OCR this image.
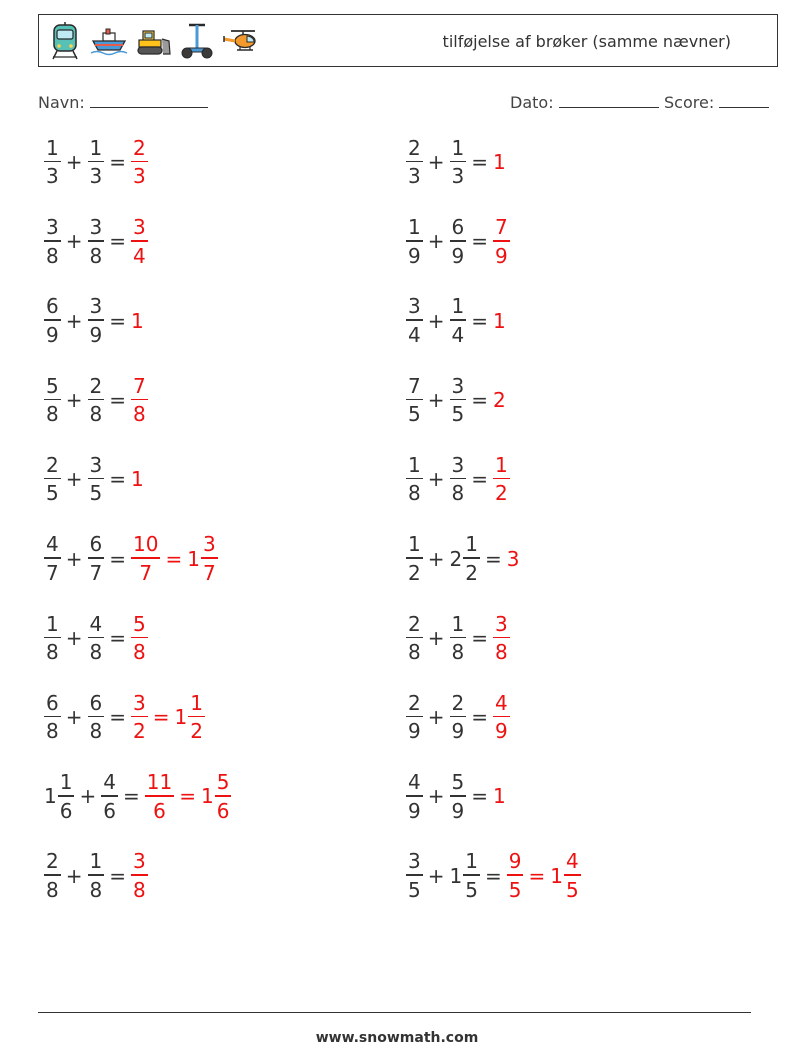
tilføjelse af brøker (samme nævner)
Navn:	Dato:	Score:
$\frac{1}{3} + \frac{1}{3} = \frac{2}{3}$	$\frac{2}{3} + \frac{1}{3} = 1$
$\frac{3}{8} + \frac{3}{8} = \frac{3}{4}$	$\frac{1}{9} + \frac{6}{9} = \frac{7}{9}$
$\frac{6}{9} + \frac{3}{9} = 1$	$\frac{3}{4} + \frac{1}{4} = 1$
$\frac{5}{8} + \frac{2}{8} = \frac{7}{8}$	$\frac{7}{5} + \frac{3}{5} = 2$
$\frac{2}{5} + \frac{3}{5} = 1$	$\frac{1}{8} + \frac{3}{8} = \frac{1}{2}$
$\frac{4}{7} + \frac{6}{7} = \frac{10}{7} = 1 \frac{3}{7}$	$\frac{1}{2} + 2 \frac{1}{2} = 3$
$\frac{1}{8} + \frac{4}{8} = \frac{5}{8}$	$\frac{2}{8} + \frac{1}{8} = \frac{3}{8}$
$\frac{6}{8} + \frac{6}{8} = \frac{3}{2} = 1 \frac{1}{2}$	$\frac{2}{9} + \frac{2}{9} = \frac{4}{9}$
$1 \frac{1}{6} + \frac{4}{6} = \frac{11}{6} = 1 \frac{5}{6}$	$\frac{4}{9} + \frac{5}{9} = 1$
$\frac{2}{8} + \frac{1}{8} = \frac{3}{8}$	$\frac{3}{5} + 1 \frac{1}{5} = \frac{9}{5} = 1 \frac{4}{5}$
www.snowmath.com
